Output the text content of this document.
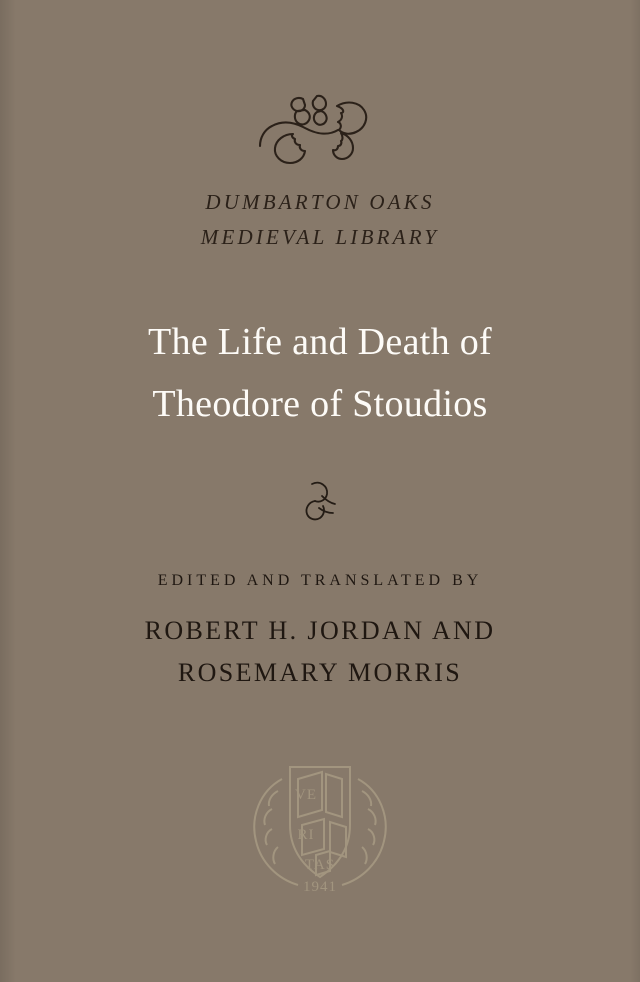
DUMBARTON OAKS
MEDIEVAL LIBRARY
The Life and Death of
Theodore of Stoudios
EDITED AND TRANSLATED BY
ROBERT H. JORDAN AND
ROSEMARY MORRIS
VE
RI
TAS
1941
